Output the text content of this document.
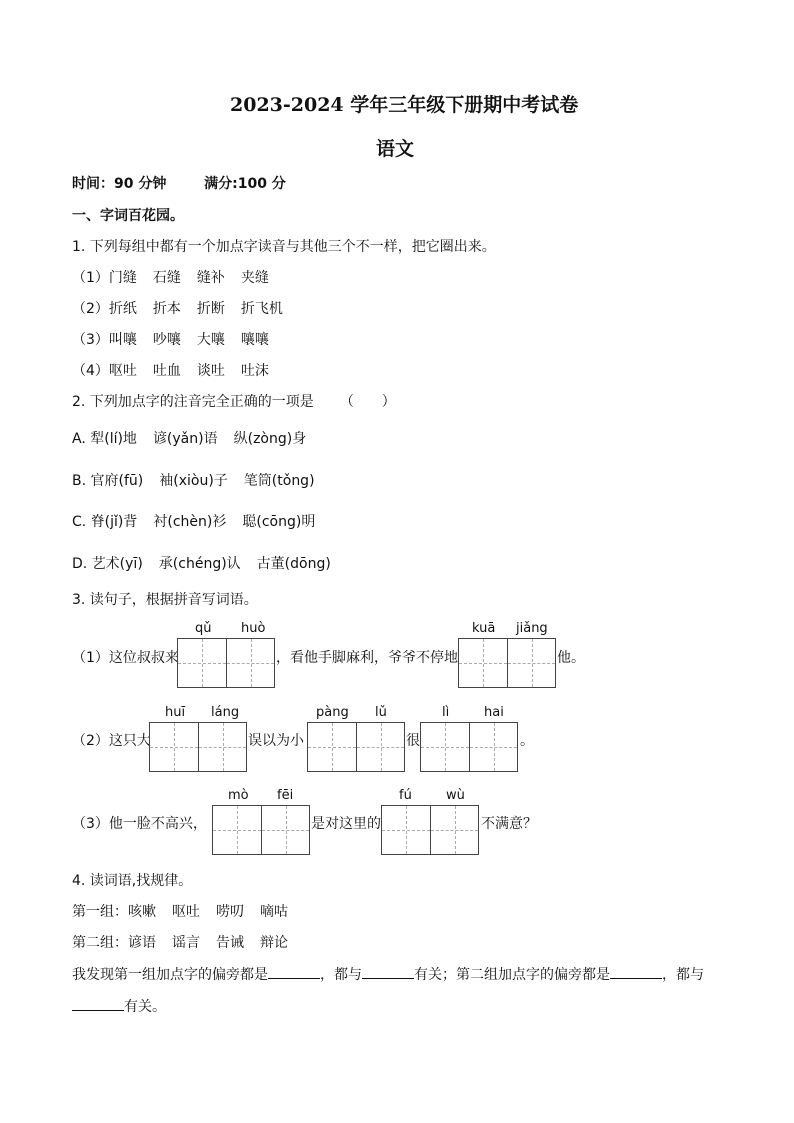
2023-2024 学年三年级下册期中考试卷
语文
时间：90 分钟	满分:100 分
一、字词百花园。
1. 下列每组中都有一个加点字读音与其他三个不一样，把它圈出来。
（1）门缝 石缝 缝补 夹缝
（2）折纸 折本 折断 折飞机
（3）叫嚷 吵嚷 大嚷 嚷嚷
（4）呕吐 吐血 谈吐 吐沫
2. 下列加点字的注音完全正确的一项是 （　　）
A. 犁(lí)地 谚(yǎn)语 纵(zòng)身
B. 官府(fū) 袖(xiòu)子 笔筒(tǒng)
C. 脊(jǐ)背 衬(chèn)衫 聪(cōng)明
D. 艺术(yī) 承(chéng)认 古董(dōng)
3. 读句子，根据拼音写词语。
qǔ huò	kuā jiǎng
（1）这位叔叔来	，看他手脚麻利，爷爷不停地	他。
huī láng	pàng lǔ	lì	hai
（2）这只大	误以为小	很	。
mò fēi	fú	wù
（3）他一脸不高兴，	是对这里的	不满意？
4. 读词语,找规律。
第一组：咳嗽 呕吐 唠叨 嘀咕
第二组：谚语 谣言 告诫 辩论
我发现第一组加点字的偏旁都是	，都与	有关；第二组加点字的偏旁都是	，都与
有关。
